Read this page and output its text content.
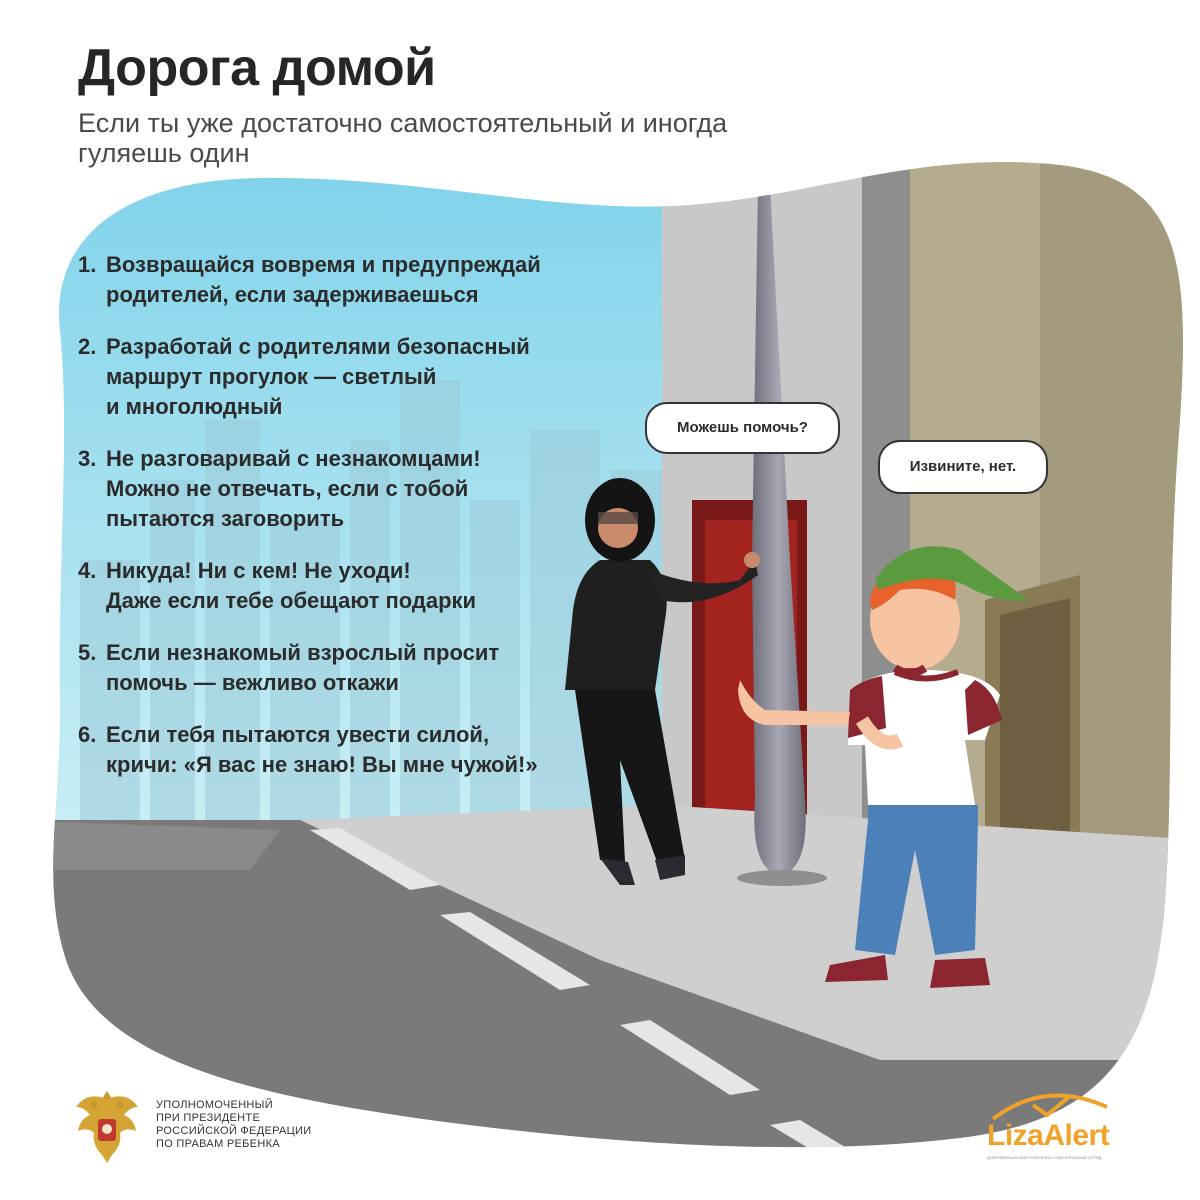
Дорога домой

Если ты уже достаточно самостоятельный и иногда гуляешь один

1. Возвращайся вовремя и предупреждай
родителей, если задерживаешься
2. Разработай с родителями безопасный
маршрут прогулок — светлый
и многолюдный
3. Не разговаривай с незнакомцами!
Можно не отвечать, если с тобой
пытаются заговорить
4. Никуда! Ни с кем! Не уходи!
Даже если тебе обещают подарки
5. Если незнакомый взрослый просит
помочь — вежливо откажи
6. Если тебя пытаются увести силой,
кричи: «Я вас не знаю! Вы мне чужой!»
Можешь помочь?
Извините, нет.
УПОЛНОМОЧЕННЫЙ
ПРИ ПРЕЗИДЕНТЕ
РОССИЙСКОЙ ФЕДЕРАЦИИ
ПО ПРАВАМ РЕБЕНКА	LizaAlert
ДОБРОВОЛЬЧЕСКИЙ ПОИСКОВО-СПАСАТЕЛЬНЫЙ ОТРЯД
